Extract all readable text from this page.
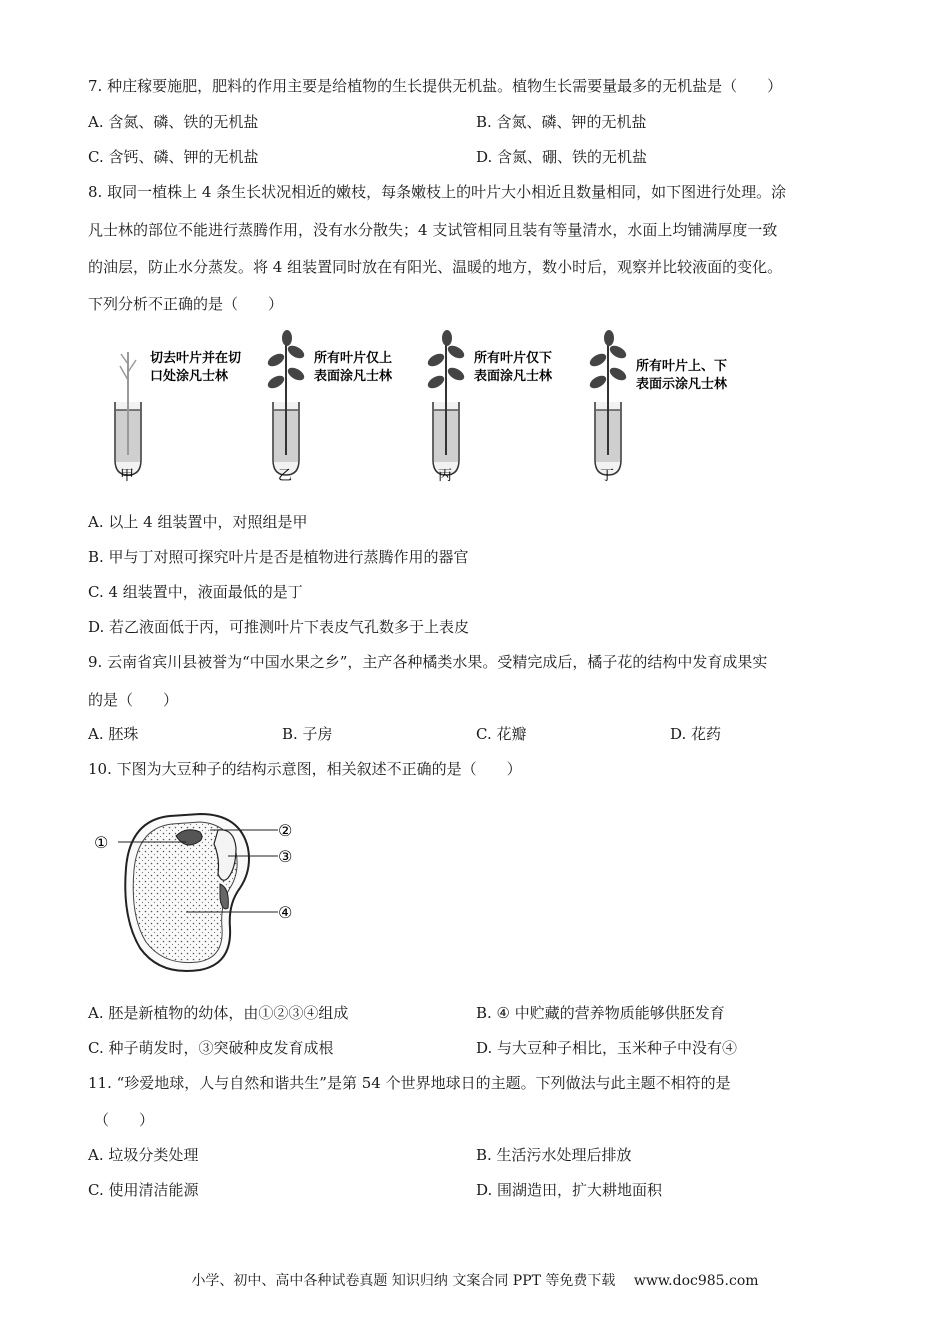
7. 种庄稼要施肥，肥料的作用主要是给植物的生长提供无机盐。植物生长需要量最多的无机盐是（　　）
A. 含氮、磷、铁的无机盐	B. 含氮、磷、钾的无机盐
C. 含钙、磷、钾的无机盐	D. 含氮、硼、铁的无机盐
8. 取同一植株上 4 条生长状况相近的嫩枝，每条嫩枝上的叶片大小相近且数量相同，如下图进行处理。涂
凡士林的部位不能进行蒸腾作用，没有水分散失；4 支试管相同且装有等量清水，水面上均铺满厚度一致
的油层，防止水分蒸发。将 4 组装置同时放在有阳光、温暖的地方，数小时后，观察并比较液面的变化。
下列分析不正确的是（　　）
切去叶片并在切
口处涂凡士林
甲
所有叶片仅上
表面涂凡士林
乙
所有叶片仅下
表面涂凡士林
丙
所有叶片上、下
表面示涂凡士林
丁
A. 以上 4 组装置中，对照组是甲
B. 甲与丁对照可探究叶片是否是植物进行蒸腾作用的器官
C. 4 组装置中，液面最低的是丁
D. 若乙液面低于丙，可推测叶片下表皮气孔数多于上表皮
9. 云南省宾川县被誉为“中国水果之乡”，主产各种橘类水果。受精完成后，橘子花的结构中发育成果实
的是（　　）
A. 胚珠	B. 子房	C. 花瓣	D. 花药
10. 下图为大豆种子的结构示意图，相关叙述不正确的是（　　）
①
②
③
④
A. 胚是新植物的幼体，由①②③④组成	B. ④ 中贮藏的营养物质能够供胚发育
C. 种子萌发时，③突破种皮发育成根	D. 与大豆种子相比，玉米种子中没有④
11. “珍爱地球，人与自然和谐共生”是第 54 个世界地球日的主题。下列做法与此主题不相符的是
（　　）
A. 垃圾分类处理	B. 生活污水处理后排放
C. 使用清洁能源	D. 围湖造田，扩大耕地面积
小学、初中、高中各种试卷真题 知识归纳 文案合同 PPT 等免费下载　 www.doc985.com
